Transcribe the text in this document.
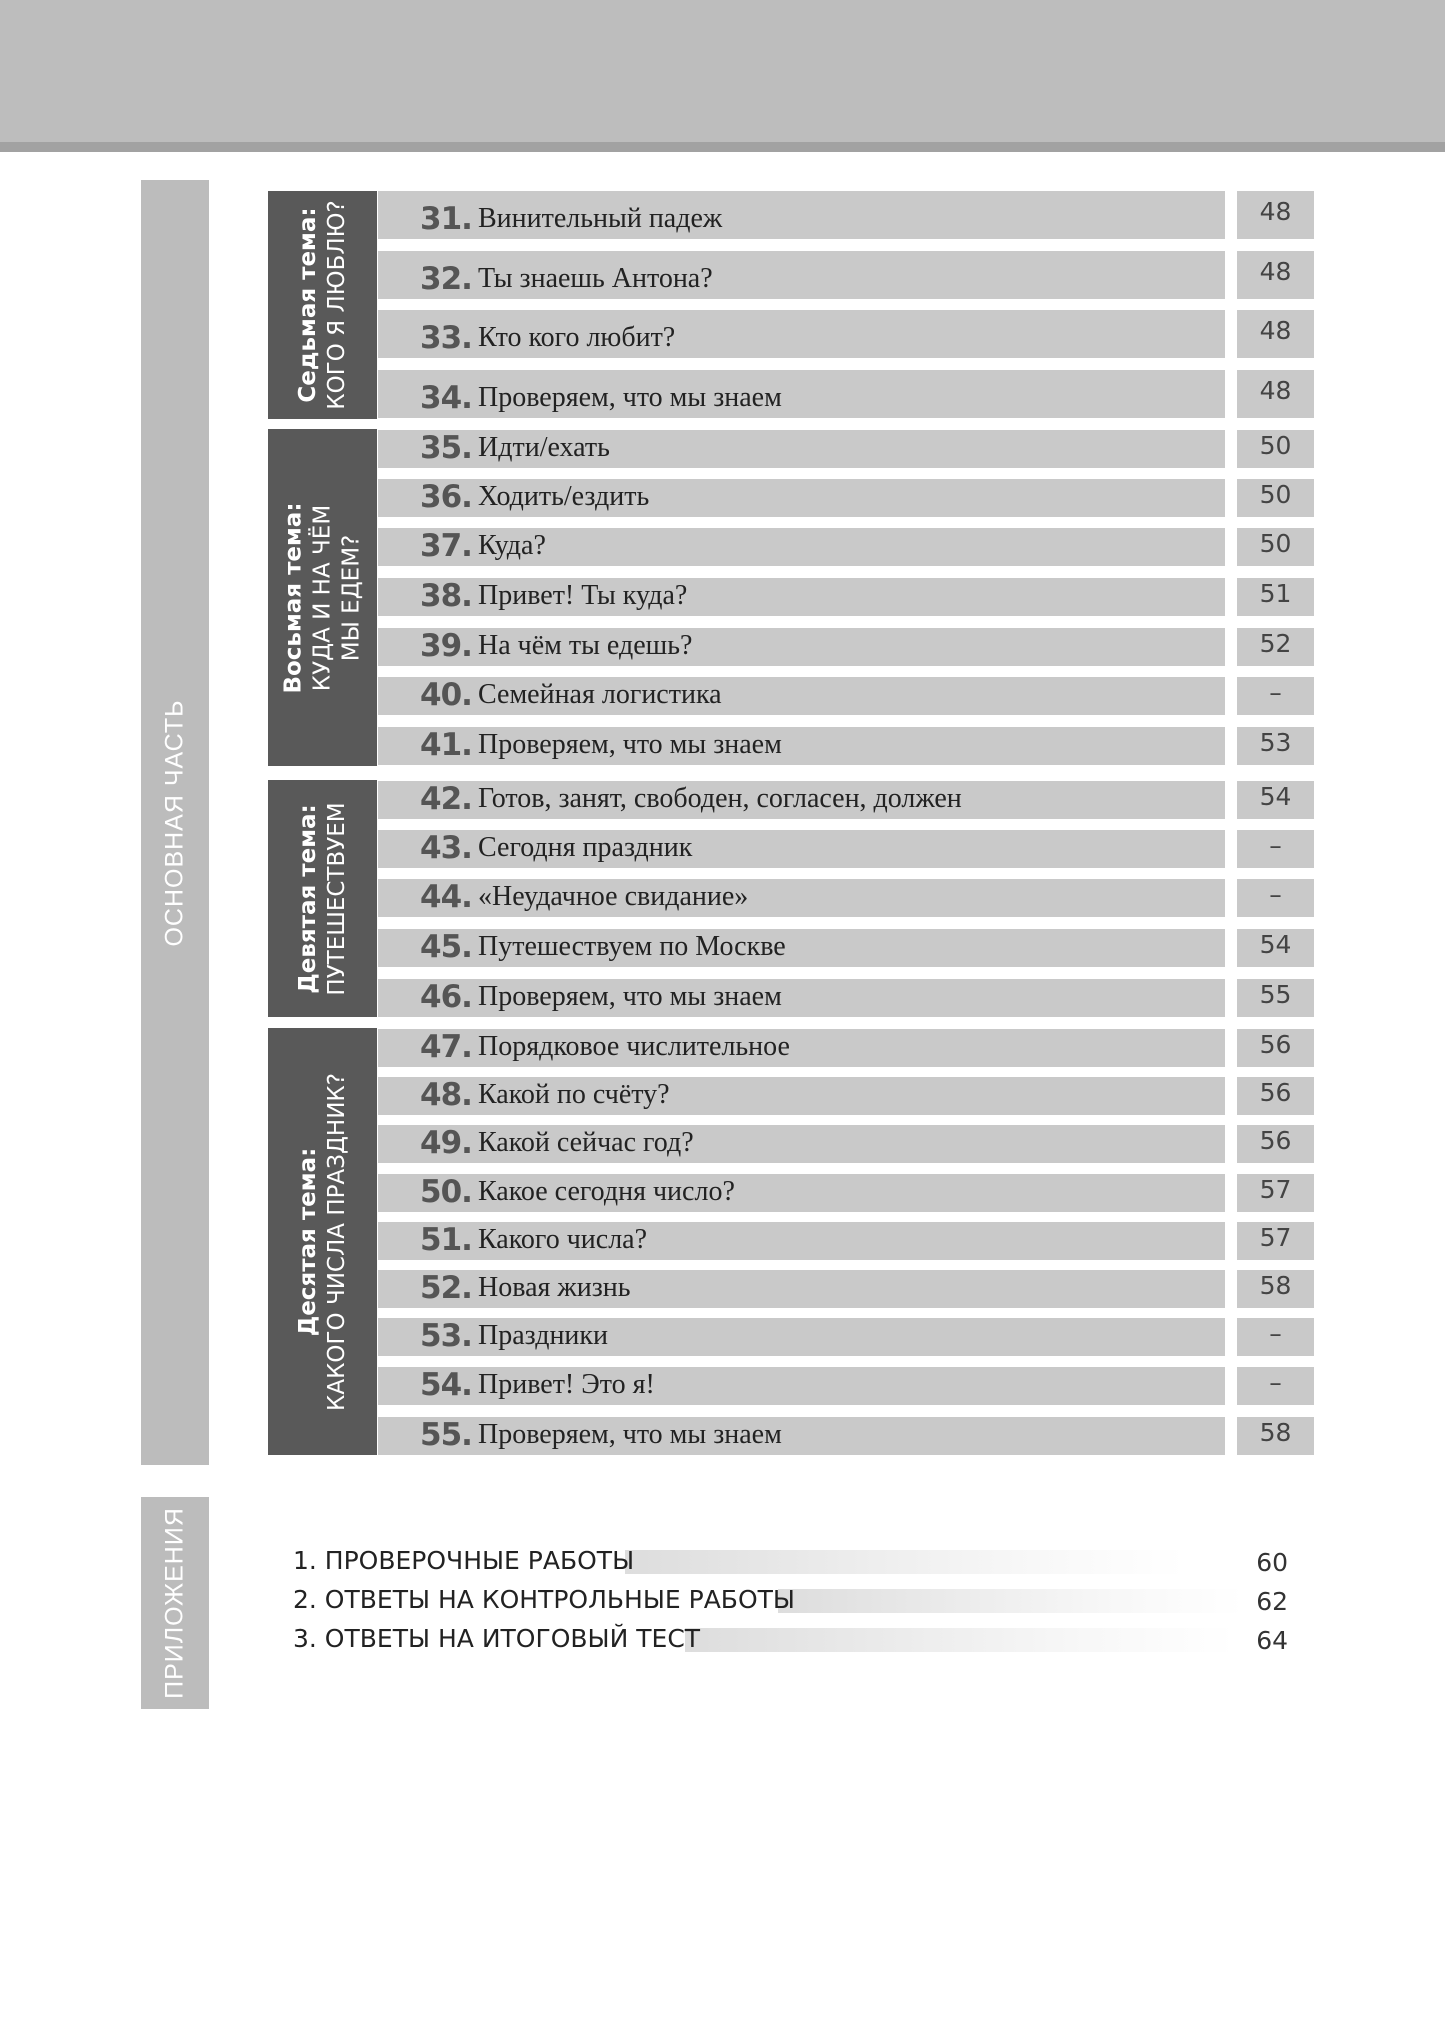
ОСНОВНАЯ ЧАСТЬ
ПРИЛОЖЕНИЯ
Седьмая тема: КОГО Я ЛЮБЛЮ?
Восьмая тема: КУДА И НА ЧЁМ МЫ ЕДЕМ?
Девятая тема: ПУТЕШЕСТВУЕМ
Десятая тема: КАКОГО ЧИСЛА ПРАЗДНИК?
31. Винительный падеж	48
32. Ты знаешь Антона?	48
33. Кто кого любит?	48
34. Проверяем, что мы знаем	48
35. Идти/ехать	50
36. Ходить/ездить	50
37. Куда?	50
38. Привет! Ты куда?	51
39. На чём ты едешь?	52
40. Семейная логистика	–
41. Проверяем, что мы знаем	53
42. Готов, занят, свободен, согласен, должен	54
43. Сегодня праздник	–
44. «Неудачное свидание»	–
45. Путешествуем по Москве	54
46. Проверяем, что мы знаем	55
47. Порядковое числительное	56
48. Какой по счёту?	56
49. Какой сейчас год?	56
50. Какое сегодня число?	57
51. Какого числа?	57
52. Новая жизнь	58
53. Праздники	–
54. Привет! Это я!	–
55. Проверяем, что мы знаем	58
1. ПРОВЕРОЧНЫЕ РАБОТЫ	60
2. ОТВЕТЫ НА КОНТРОЛЬНЫЕ РАБОТЫ	62
3. ОТВЕТЫ НА ИТОГОВЫЙ ТЕСТ	64
